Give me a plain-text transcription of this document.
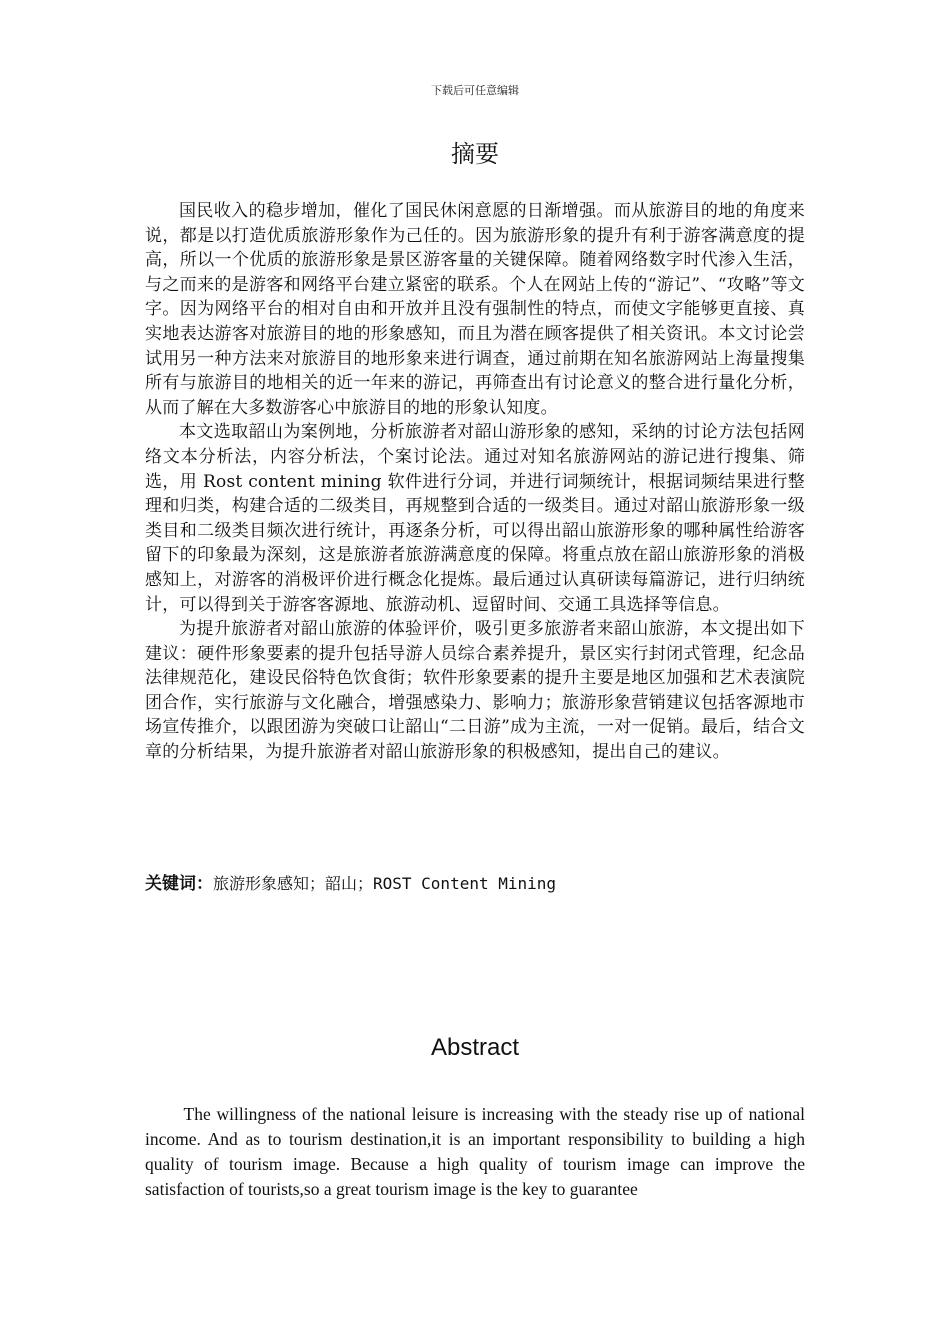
下载后可任意编辑
摘要

国民收入的稳步增加，催化了国民休闲意愿的日渐增强。而从旅游目的地的角度来说，都是以打造优质旅游形象作为己任的。因为旅游形象的提升有利于游客满意度的提高，所以一个优质的旅游形象是景区游客量的关键保障。随着网络数字时代渗入生活，与之而来的是游客和网络平台建立紧密的联系。个人在网站上传的“游记”、“攻略”等文字。因为网络平台的相对自由和开放并且没有强制性的特点，而使文字能够更直接、真实地表达游客对旅游目的地的形象感知，而且为潜在顾客提供了相关资讯。本文讨论尝试用另一种方法来对旅游目的地形象来进行调查，通过前期在知名旅游网站上海量搜集所有与旅游目的地相关的近一年来的游记，再筛查出有讨论意义的整合进行量化分析，从而了解在大多数游客心中旅游目的地的形象认知度。

本文选取韶山为案例地，分析旅游者对韶山游形象的感知，采纳的讨论方法包括网络文本分析法，内容分析法，个案讨论法。通过对知名旅游网站的游记进行搜集、筛选，用 Rost content mining 软件进行分词，并进行词频统计，根据词频结果进行整理和归类，构建合适的二级类目，再规整到合适的一级类目。通过对韶山旅游形象一级类目和二级类目频次进行统计，再逐条分析，可以得出韶山旅游形象的哪种属性给游客留下的印象最为深刻，这是旅游者旅游满意度的保障。将重点放在韶山旅游形象的消极感知上，对游客的消极评价进行概念化提炼。最后通过认真研读每篇游记，进行归纳统计，可以得到关于游客客源地、旅游动机、逗留时间、交通工具选择等信息。

为提升旅游者对韶山旅游的体验评价，吸引更多旅游者来韶山旅游，本文提出如下建议：硬件形象要素的提升包括导游人员综合素养提升，景区实行封闭式管理，纪念品法律规范化，建设民俗特色饮食街；软件形象要素的提升主要是地区加强和艺术表演院团合作，实行旅游与文化融合，增强感染力、影响力；旅游形象营销建议包括客源地市场宣传推介，以跟团游为突破口让韶山“二日游”成为主流，一对一促销。最后，结合文章的分析结果，为提升旅游者对韶山旅游形象的积极感知，提出自己的建议。

关键词：旅游形象感知；韶山；ROST Content Mining
Abstract

The willingness of the national leisure is increasing with the steady rise up of national income. And as to tourism destination,it is an important responsibility to building a high quality of tourism image. Because a high quality of tourism image can improve the satisfaction of tourists,so a great tourism image is the key to guarantee
